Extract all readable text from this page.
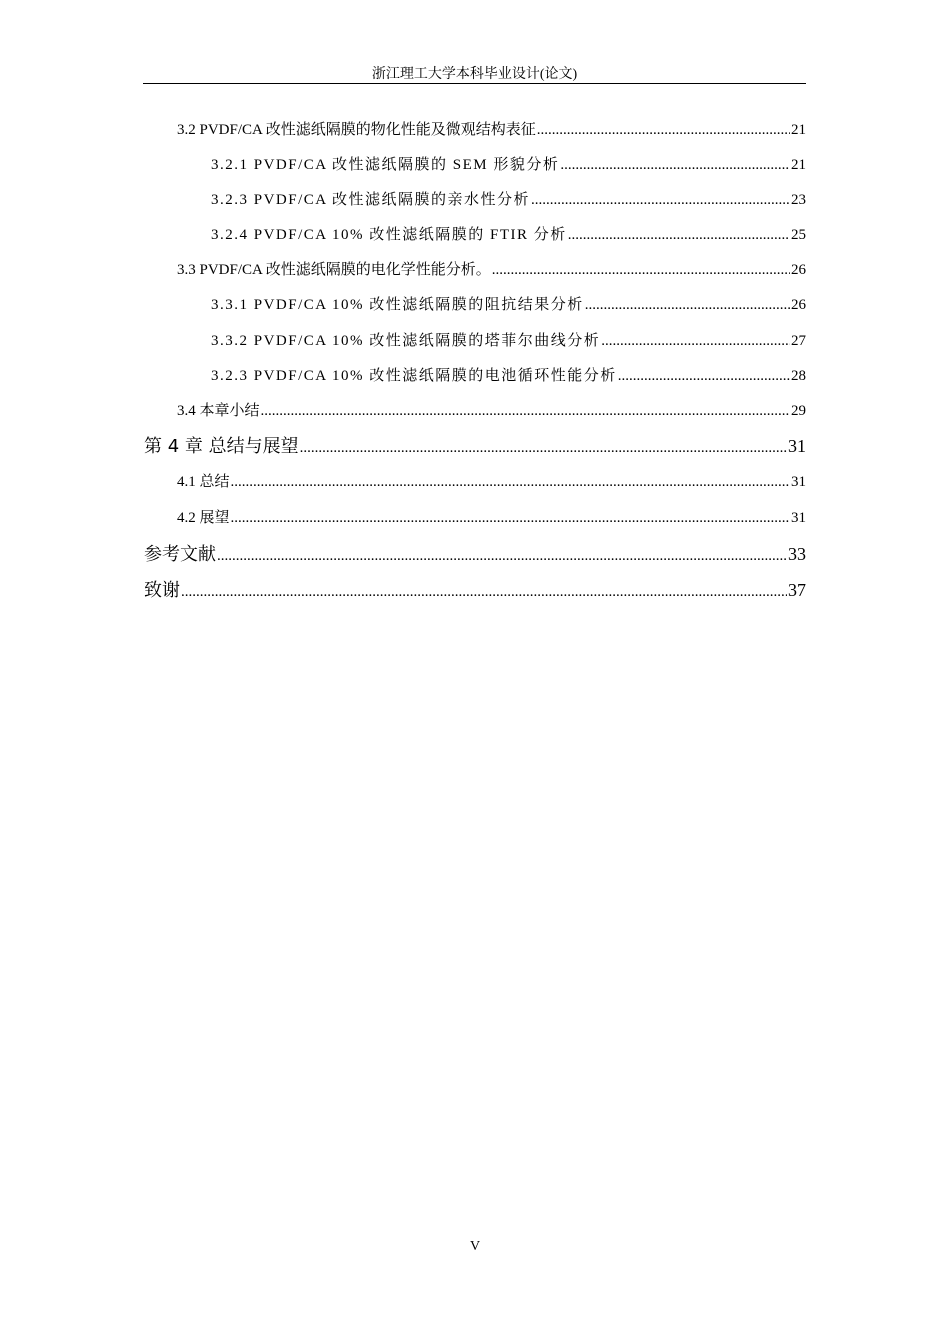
浙江理工大学本科毕业设计(论文)
3.2 PVDF/CA 改性滤纸隔膜的物化性能及微观结构表征 .....	21
3.2.1 PVDF/CA 改性滤纸隔膜的 SEM 形貌分析 .....	21
3.2.3 PVDF/CA 改性滤纸隔膜的亲水性分析 .....	23
3.2.4 PVDF/CA 10% 改性滤纸隔膜的 FTIR 分析 .....	25
3.3 PVDF/CA 改性滤纸隔膜的电化学性能分析。 .....	26
3.3.1 PVDF/CA 10% 改性滤纸隔膜的阻抗结果分析 .....	26
3.3.2 PVDF/CA 10% 改性滤纸隔膜的塔菲尔曲线分析 .....	27
3.2.3 PVDF/CA 10% 改性滤纸隔膜的电池循环性能分析 .....	28
3.4 本章小结 .....	29
第 4 章 总结与展望 .....	31
4.1 总结 .....	31
4.2 展望 .....	31
参考文献 .....	33
致谢 .....	37
V
